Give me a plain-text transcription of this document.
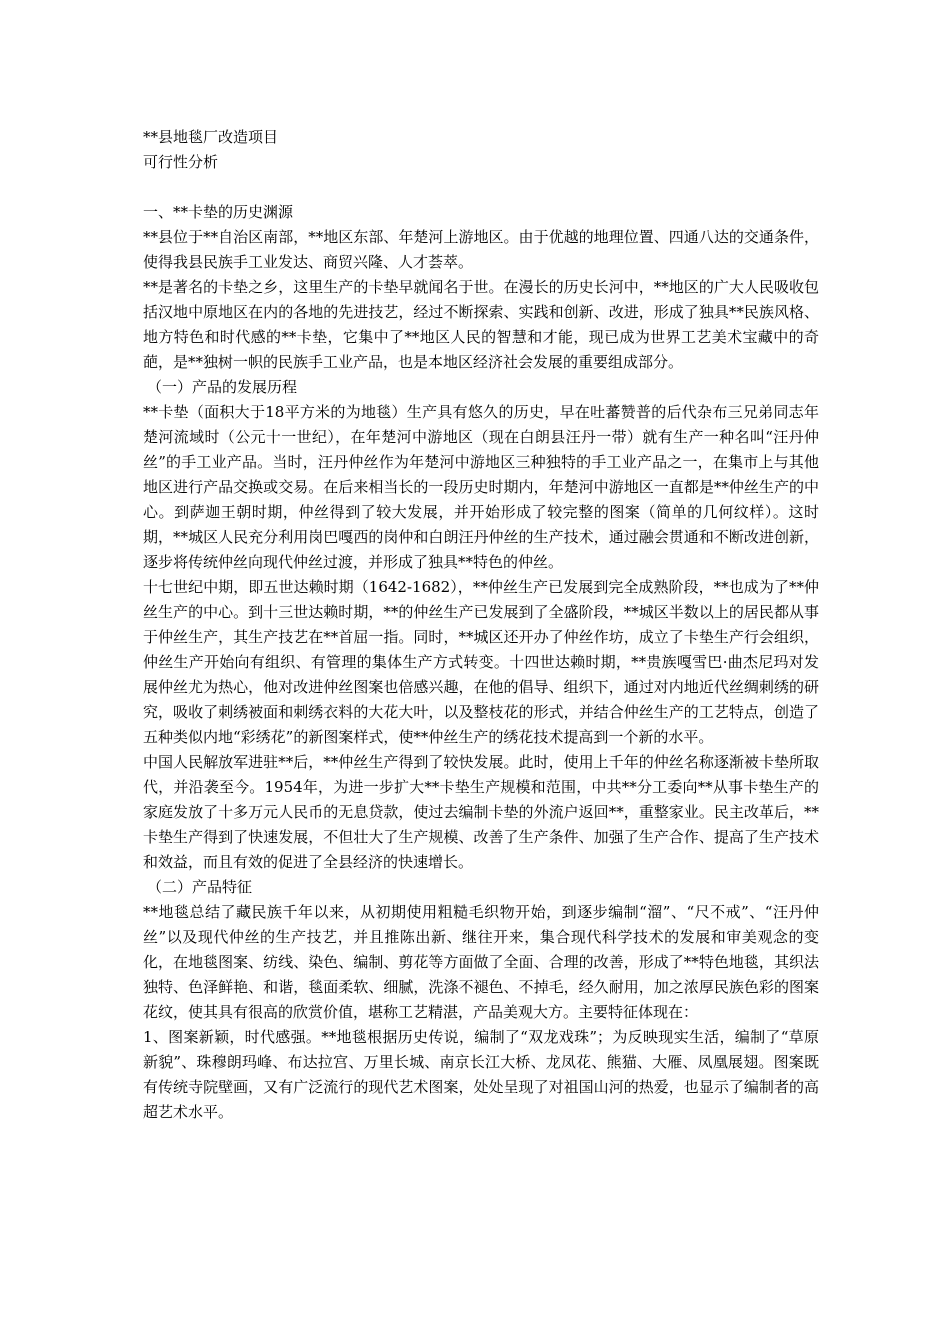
**县地毯厂改造项目

可行性分析

一、**卡垫的历史渊源

**县位于**自治区南部，**地区东部、年楚河上游地区。由于优越的地理位置、四通八达的交通条件，使得我县民族手工业发达、商贸兴隆、人才荟萃。

**是著名的卡垫之乡，这里生产的卡垫早就闻名于世。在漫长的历史长河中，**地区的广大人民吸收包括汉地中原地区在内的各地的先进技艺，经过不断探索、实践和创新、改进，形成了独具**民族风格、地方特色和时代感的**卡垫，它集中了**地区人民的智慧和才能，现已成为世界工艺美术宝藏中的奇葩，是**独树一帜的民族手工业产品，也是本地区经济社会发展的重要组成部分。

（一）产品的发展历程

**卡垫（面积大于18平方米的为地毯）生产具有悠久的历史，早在吐蕃赞普的后代杂布三兄弟同志年楚河流域时（公元十一世纪），在年楚河中游地区（现在白朗县汪丹一带）就有生产一种名叫“汪丹仲丝”的手工业产品。当时，汪丹仲丝作为年楚河中游地区三种独特的手工业产品之一，在集市上与其他地区进行产品交换或交易。在后来相当长的一段历史时期内，年楚河中游地区一直都是**仲丝生产的中心。到萨迦王朝时期，仲丝得到了较大发展，并开始形成了较完整的图案（简单的几何纹样）。这时期，**城区人民充分利用岗巴嘎西的岗仲和白朗汪丹仲丝的生产技术，通过融会贯通和不断改进创新，逐步将传统仲丝向现代仲丝过渡，并形成了独具**特色的仲丝。

十七世纪中期，即五世达赖时期（1642-1682），**仲丝生产已发展到完全成熟阶段，**也成为了**仲丝生产的中心。到十三世达赖时期，**的仲丝生产已发展到了全盛阶段，**城区半数以上的居民都从事于仲丝生产，其生产技艺在**首屈一指。同时，**城区还开办了仲丝作坊，成立了卡垫生产行会组织，仲丝生产开始向有组织、有管理的集体生产方式转变。十四世达赖时期，**贵族嘎雪巴·曲杰尼玛对发展仲丝尤为热心，他对改进仲丝图案也倍感兴趣，在他的倡导、组织下，通过对内地近代丝绸刺绣的研究，吸收了刺绣被面和刺绣衣料的大花大叶，以及整枝花的形式，并结合仲丝生产的工艺特点，创造了五种类似内地“彩绣花”的新图案样式，使**仲丝生产的绣花技术提高到一个新的水平。

中国人民解放军进驻**后，**仲丝生产得到了较快发展。此时，使用上千年的仲丝名称逐渐被卡垫所取代，并沿袭至今。1954年，为进一步扩大**卡垫生产规模和范围，中共**分工委向**从事卡垫生产的家庭发放了十多万元人民币的无息贷款，使过去编制卡垫的外流户返回**，重整家业。民主改革后，**卡垫生产得到了快速发展，不但壮大了生产规模、改善了生产条件、加强了生产合作、提高了生产技术和效益，而且有效的促进了全县经济的快速增长。

（二）产品特征

**地毯总结了藏民族千年以来，从初期使用粗糙毛织物开始，到逐步编制“溜”、“尺不戒”、“汪丹仲丝”以及现代仲丝的生产技艺，并且推陈出新、继往开来，集合现代科学技术的发展和审美观念的变化，在地毯图案、纺线、染色、编制、剪花等方面做了全面、合理的改善，形成了**特色地毯，其织法独特、色泽鲜艳、和谐，毯面柔软、细腻，洗涤不褪色、不掉毛，经久耐用，加之浓厚民族色彩的图案花纹，使其具有很高的欣赏价值，堪称工艺精湛，产品美观大方。主要特征体现在：

1、图案新颖，时代感强。**地毯根据历史传说，编制了“双龙戏珠”；为反映现实生活，编制了“草原新貌”、珠穆朗玛峰、布达拉宫、万里长城、南京长江大桥、龙凤花、熊猫、大雁、凤凰展翅。图案既有传统寺院壁画，又有广泛流行的现代艺术图案，处处呈现了对祖国山河的热爱，也显示了编制者的高超艺术水平。
